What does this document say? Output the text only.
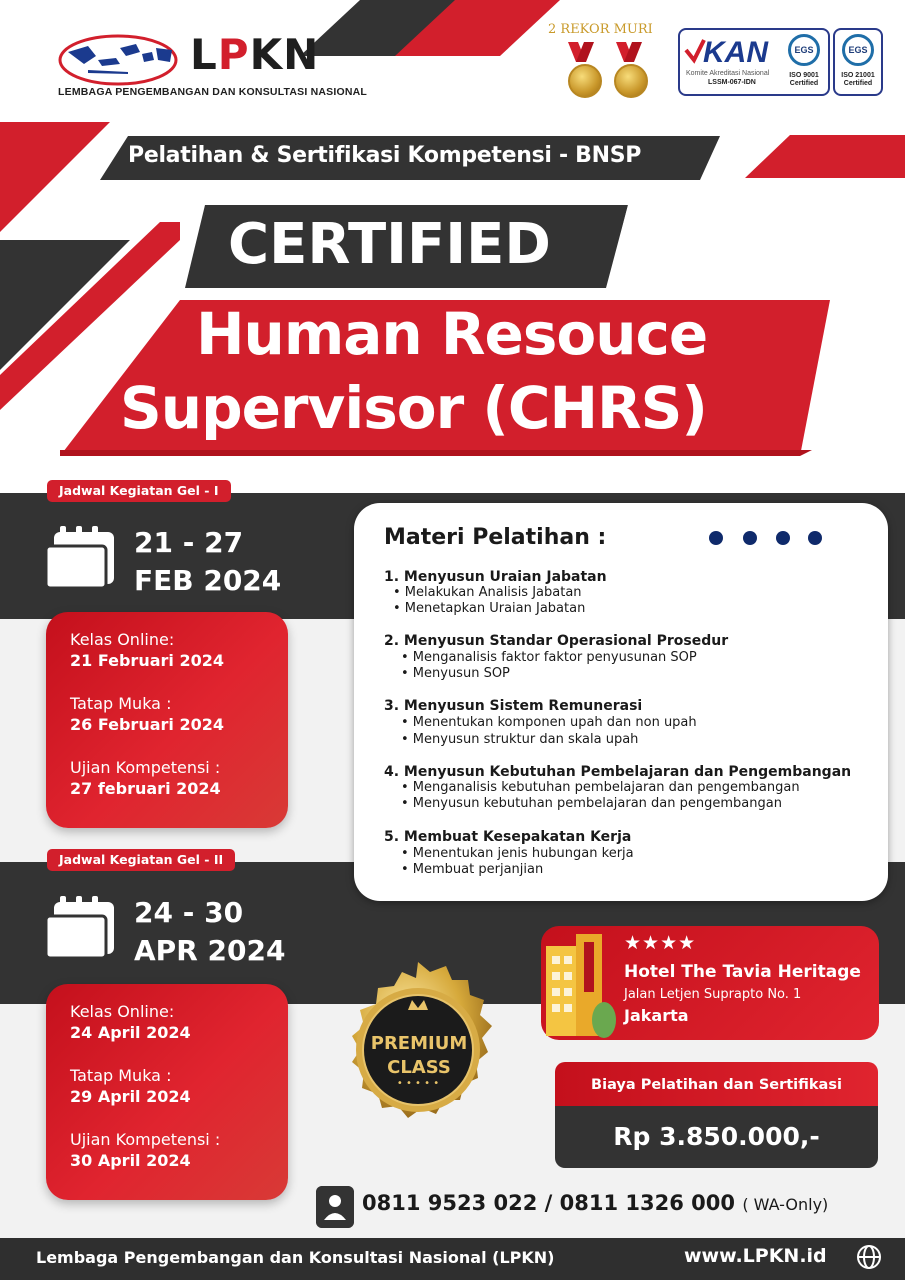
LPKN
LEMBAGA PENGEMBANGAN DAN KONSULTASI NASIONAL
2 REKOR MURI
KAN
Komite Akreditasi Nasional
LSSM-067-IDN
EGS
ISO 9001
Certified
EGS
ISO 21001
Certified
Pelatihan & Sertifikasi Kompetensi - BNSP
CERTIFIED
Human Resouce
Supervisor (CHRS)
Jadwal Kegiatan Gel - I
21 - 27
FEB 2024
Kelas Online:
21 Februari 2024
Tatap Muka :
26 Februari 2024
Ujian Kompetensi :
27 februari 2024
Jadwal Kegiatan Gel - II
24 - 30
APR 2024
Kelas Online:
24 April 2024
Tatap Muka :
29 April 2024
Ujian Kompetensi :
30 April 2024
Materi Pelatihan :
1. Menyusun Uraian Jabatan
• Melakukan Analisis Jabatan
• Menetapkan Uraian Jabatan
2. Menyusun Standar Operasional Prosedur
• Menganalisis faktor faktor penyusunan SOP
• Menyusun SOP
3. Menyusun Sistem Remunerasi
• Menentukan komponen upah dan non upah
• Menyusun struktur dan skala upah
4. Menyusun Kebutuhan Pembelajaran dan Pengembangan
• Menganalisis kebutuhan pembelajaran dan pengembangan
• Menyusun kebutuhan pembelajaran dan pengembangan
5. Membuat Kesepakatan Kerja
• Menentukan jenis hubungan kerja
• Membuat perjanjian
• • • • •
PREMIUM
CLASS
★★★★
Hotel The Tavia Heritage
Jalan Letjen Suprapto No. 1
Jakarta
Biaya Pelatihan dan Sertifikasi
Rp 3.850.000,-
0811 9523 022 / 0811 1326 000 ( WA-Only)
Lembaga Pengembangan dan Konsultasi Nasional (LPKN)	www.LPKN.id
